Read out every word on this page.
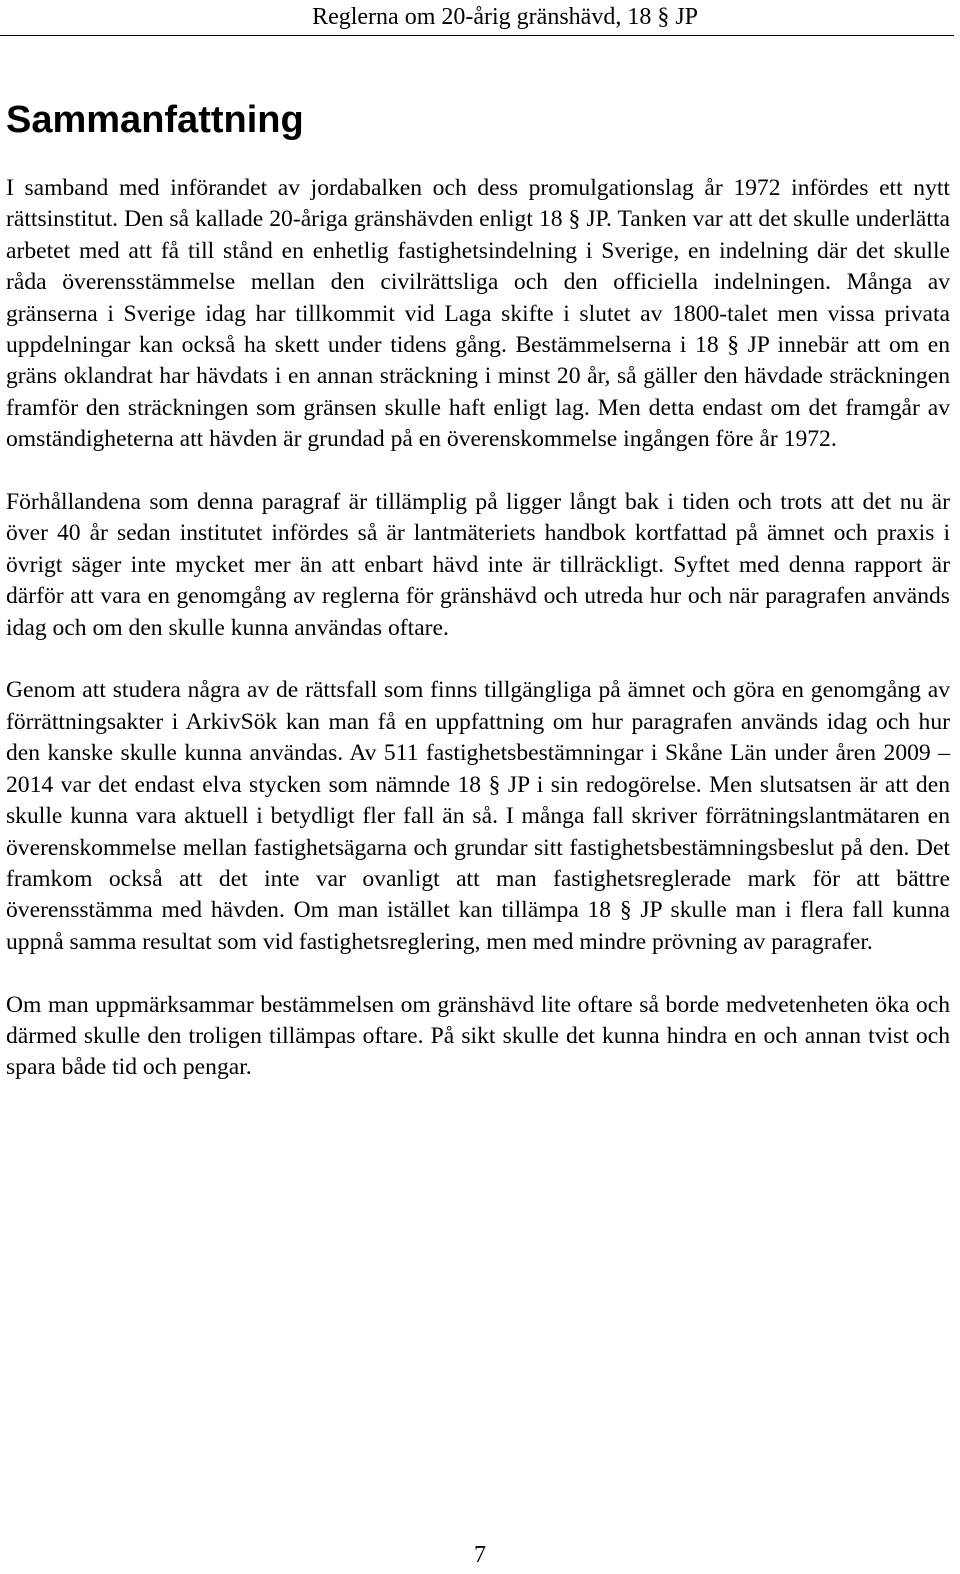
Reglerna om 20-årig gränshävd, 18 § JP
Sammanfattning

I samband med införandet av jordabalken och dess promulgationslag år 1972 infördes ett nytt rättsinstitut. Den så kallade 20-åriga gränshävden enligt 18 § JP. Tanken var att det skulle underlätta arbetet med att få till stånd en enhetlig fastighetsindelning i Sverige, en indelning där det skulle råda överensstämmelse mellan den civilrättsliga och den officiella indelningen. Många av gränserna i Sverige idag har tillkommit vid Laga skifte i slutet av 1800-talet men vissa privata uppdelningar kan också ha skett under tidens gång. Bestämmelserna i 18 § JP innebär att om en gräns oklandrat har hävdats i en annan sträckning i minst 20 år, så gäller den hävdade sträckningen framför den sträckningen som gränsen skulle haft enligt lag. Men detta endast om det framgår av omständigheterna att hävden är grundad på en överenskommelse ingången före år 1972.

Förhållandena som denna paragraf är tillämplig på ligger långt bak i tiden och trots att det nu är över 40 år sedan institutet infördes så är lantmäteriets handbok kortfattad på ämnet och praxis i övrigt säger inte mycket mer än att enbart hävd inte är tillräckligt. Syftet med denna rapport är därför att vara en genomgång av reglerna för gränshävd och utreda hur och när paragrafen används idag och om den skulle kunna användas oftare.

Genom att studera några av de rättsfall som finns tillgängliga på ämnet och göra en genomgång av förrättningsakter i ArkivSök kan man få en uppfattning om hur paragrafen används idag och hur den kanske skulle kunna användas. Av 511 fastighetsbestämningar i Skåne Län under åren 2009 – 2014 var det endast elva stycken som nämnde 18 § JP i sin redogörelse. Men slutsatsen är att den skulle kunna vara aktuell i betydligt fler fall än så. I många fall skriver förrätningslantmätaren en överenskommelse mellan fastighetsägarna och grundar sitt fastighetsbestämningsbeslut på den. Det framkom också att det inte var ovanligt att man fastighetsreglerade mark för att bättre överensstämma med hävden. Om man istället kan tillämpa 18 § JP skulle man i flera fall kunna uppnå samma resultat som vid fastighetsreglering, men med mindre prövning av paragrafer.

Om man uppmärksammar bestämmelsen om gränshävd lite oftare så borde medvetenheten öka och därmed skulle den troligen tillämpas oftare. På sikt skulle det kunna hindra en och annan tvist och spara både tid och pengar.

7
